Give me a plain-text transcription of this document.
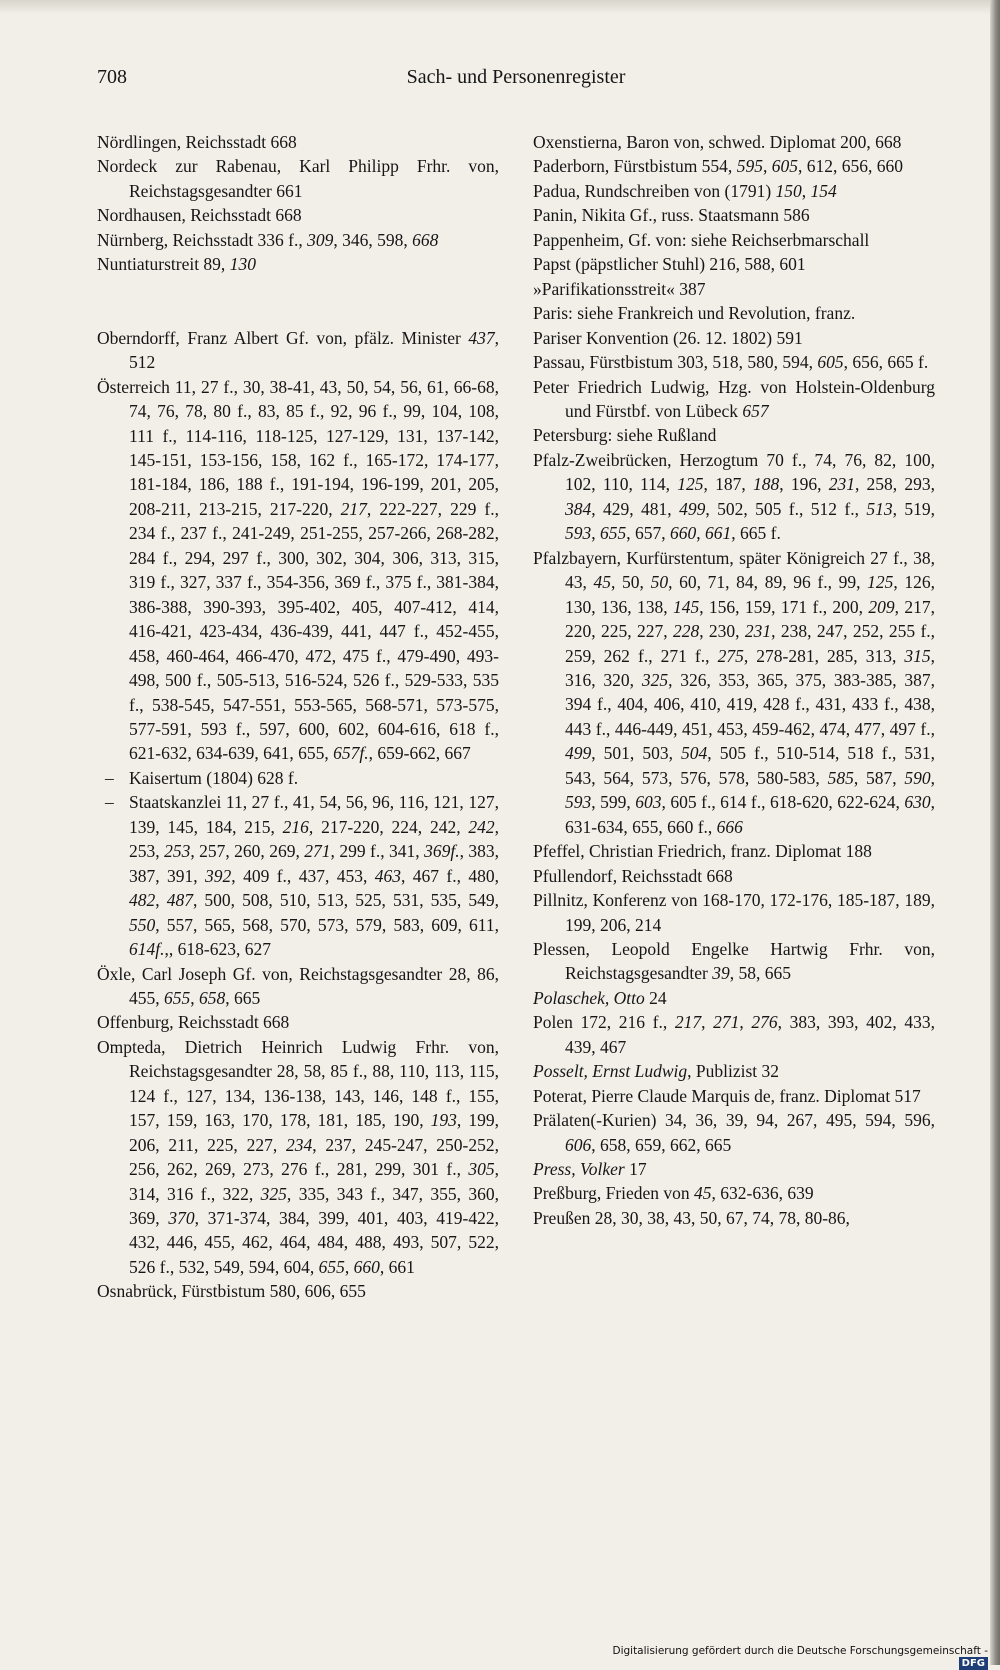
708	Sach- und Personenregister

Nördlingen, Reichsstadt 668

Nordeck zur Rabenau, Karl Philipp Frhr. von, Reichstagsgesandter 661

Nordhausen, Reichsstadt 668

Nürnberg, Reichsstadt 336 f., 309, 346, 598, 668

Nuntiaturstreit 89, 130

Oberndorff, Franz Albert Gf. von, pfälz. Minister 437, 512

Österreich 11, 27 f., 30, 38-41, 43, 50, 54, 56, 61, 66-68, 74, 76, 78, 80 f., 83, 85 f., 92, 96 f., 99, 104, 108, 111 f., 114-116, 118-125, 127-129, 131, 137-142, 145-151, 153-156, 158, 162 f., 165-172, 174-177, 181-184, 186, 188 f., 191-194, 196-199, 201, 205, 208-211, 213-215, 217-220, 217, 222-227, 229 f., 234 f., 237 f., 241-249, 251-255, 257-266, 268-282, 284 f., 294, 297 f., 300, 302, 304, 306, 313, 315, 319 f., 327, 337 f., 354-356, 369 f., 375 f., 381-384, 386-388, 390-393, 395-402, 405, 407-412, 414, 416-421, 423-434, 436-439, 441, 447 f., 452-455, 458, 460-464, 466-470, 472, 475 f., 479-490, 493-498, 500 f., 505-513, 516-524, 526 f., 529-533, 535 f., 538-545, 547-551, 553-565, 568-571, 573-575, 577-591, 593 f., 597, 600, 602, 604-616, 618 f., 621-632, 634-639, 641, 655, 657f., 659-662, 667

– Kaisertum (1804) 628 f.

– Staatskanzlei 11, 27 f., 41, 54, 56, 96, 116, 121, 127, 139, 145, 184, 215, 216, 217-220, 224, 242, 242, 253, 253, 257, 260, 269, 271, 299 f., 341, 369f., 383, 387, 391, 392, 409 f., 437, 453, 463, 467 f., 480, 482, 487, 500, 508, 510, 513, 525, 531, 535, 549, 550, 557, 565, 568, 570, 573, 579, 583, 609, 611, 614f.,, 618-623, 627

Öxle, Carl Joseph Gf. von, Reichstagsgesandter 28, 86, 455, 655, 658, 665

Offenburg, Reichsstadt 668

Ompteda, Dietrich Heinrich Ludwig Frhr. von, Reichstagsgesandter 28, 58, 85 f., 88, 110, 113, 115, 124 f., 127, 134, 136-138, 143, 146, 148 f., 155, 157, 159, 163, 170, 178, 181, 185, 190, 193, 199, 206, 211, 225, 227, 234, 237, 245-247, 250-252, 256, 262, 269, 273, 276 f., 281, 299, 301 f., 305, 314, 316 f., 322, 325, 335, 343 f., 347, 355, 360, 369, 370, 371-374, 384, 399, 401, 403, 419-422, 432, 446, 455, 462, 464, 484, 488, 493, 507, 522, 526 f., 532, 549, 594, 604, 655, 660, 661

Osnabrück, Fürstbistum 580, 606, 655

Oxenstierna, Baron von, schwed. Diplomat 200, 668

Paderborn, Fürstbistum 554, 595, 605, 612, 656, 660

Padua, Rundschreiben von (1791) 150, 154

Panin, Nikita Gf., russ. Staatsmann 586

Pappenheim, Gf. von: siehe Reichserbmarschall

Papst (päpstlicher Stuhl) 216, 588, 601

»Parifikationsstreit« 387

Paris: siehe Frankreich und Revolution, franz.

Pariser Konvention (26. 12. 1802) 591

Passau, Fürstbistum 303, 518, 580, 594, 605, 656, 665 f.

Peter Friedrich Ludwig, Hzg. von Holstein-Oldenburg und Fürstbf. von Lübeck 657

Petersburg: siehe Rußland

Pfalz-Zweibrücken, Herzogtum 70 f., 74, 76, 82, 100, 102, 110, 114, 125, 187, 188, 196, 231, 258, 293, 384, 429, 481, 499, 502, 505 f., 512 f., 513, 519, 593, 655, 657, 660, 661, 665 f.

Pfalzbayern, Kurfürstentum, später Königreich 27 f., 38, 43, 45, 50, 50, 60, 71, 84, 89, 96 f., 99, 125, 126, 130, 136, 138, 145, 156, 159, 171 f., 200, 209, 217, 220, 225, 227, 228, 230, 231, 238, 247, 252, 255 f., 259, 262 f., 271 f., 275, 278-281, 285, 313, 315, 316, 320, 325, 326, 353, 365, 375, 383-385, 387, 394 f., 404, 406, 410, 419, 428 f., 431, 433 f., 438, 443 f., 446-449, 451, 453, 459-462, 474, 477, 497 f., 499, 501, 503, 504, 505 f., 510-514, 518 f., 531, 543, 564, 573, 576, 578, 580-583, 585, 587, 590, 593, 599, 603, 605 f., 614 f., 618-620, 622-624, 630, 631-634, 655, 660 f., 666

Pfeffel, Christian Friedrich, franz. Diplomat 188

Pfullendorf, Reichsstadt 668

Pillnitz, Konferenz von 168-170, 172-176, 185-187, 189, 199, 206, 214

Plessen, Leopold Engelke Hartwig Frhr. von, Reichstagsgesandter 39, 58, 665

Polaschek, Otto 24

Polen 172, 216 f., 217, 271, 276, 383, 393, 402, 433, 439, 467

Posselt, Ernst Ludwig, Publizist 32

Poterat, Pierre Claude Marquis de, franz. Diplomat 517

Prälaten(-Kurien) 34, 36, 39, 94, 267, 495, 594, 596, 606, 658, 659, 662, 665

Press, Volker 17

Preßburg, Frieden von 45, 632-636, 639

Preußen 28, 30, 38, 43, 50, 67, 74, 78, 80-86,

Digitalisierung gefördert durch die Deutsche Forschungsgemeinschaft -DFG
